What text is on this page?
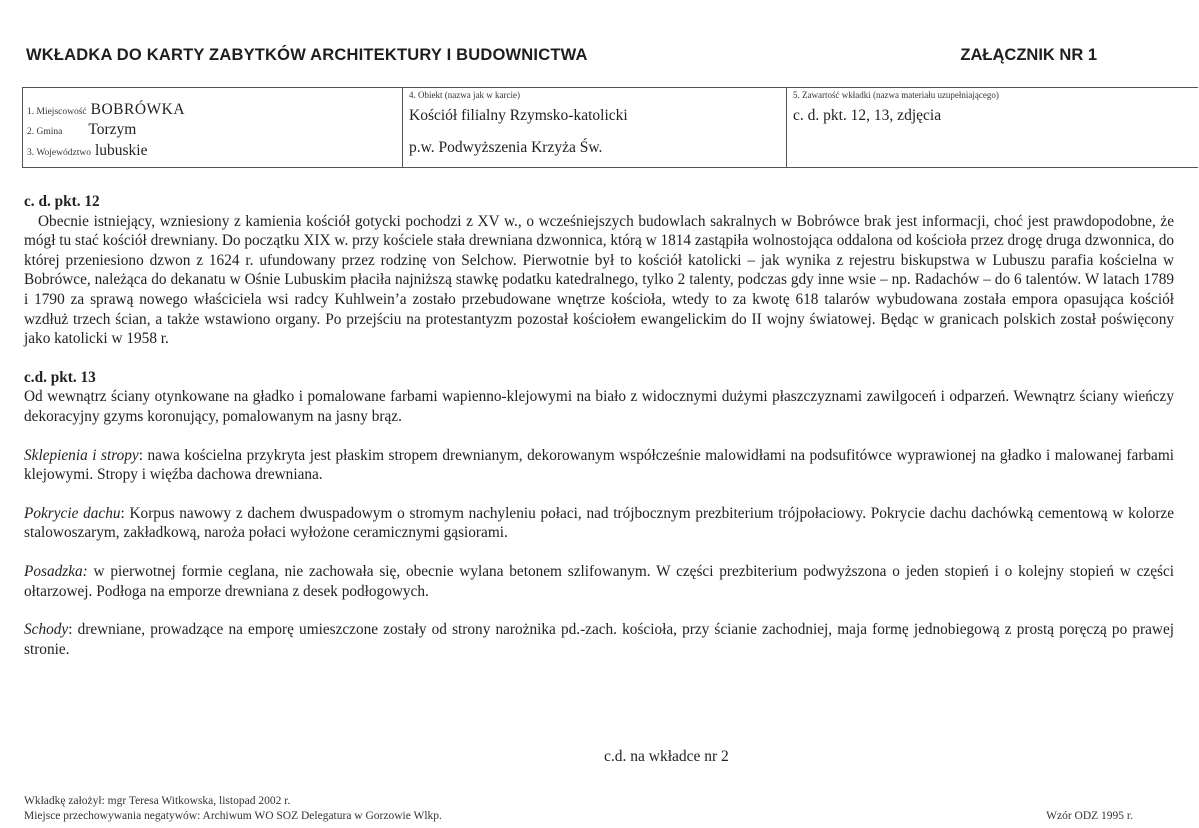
WKŁADKA DO KARTY ZABYTKÓW ARCHITEKTURY I BUDOWNICTWA	ZAŁĄCZNIK NR 1
1. Miejscowość BOBRÓWKA
2. Gmina Torzym
3. Województwo lubuskie
4. Obiekt (nazwa jak w karcie)
Kościół filialny Rzymsko-katolicki
p.w. Podwyższenia Krzyża Św.
5. Zawartość wkładki (nazwa materiału uzupełniającego)
c. d. pkt. 12, 13, zdjęcia

c. d. pkt. 12

Obecnie istniejący, wzniesiony z kamienia kościół gotycki pochodzi z XV w., o wcześniejszych budowlach sakralnych w Bobrówce brak jest informacji, choć jest prawdopodobne, że mógł tu stać kościół drewniany. Do początku XIX w. przy kościele stała drewniana dzwonnica, którą w 1814 zastąpiła wolnostojąca oddalona od kościoła przez drogę druga dzwonnica, do której przeniesiono dzwon z 1624 r. ufundowany przez rodzinę von Selchow. Pierwotnie był to kościół katolicki – jak wynika z rejestru biskupstwa w Lubuszu parafia kościelna w Bobrówce, należąca do dekanatu w Ośnie Lubuskim płaciła najniższą stawkę podatku katedralnego, tylko 2 talenty, podczas gdy inne wsie – np. Radachów – do 6 talentów. W latach 1789 i 1790 za sprawą nowego właściciela wsi radcy Kuhlwein’a zostało przebudowane wnętrze kościoła, wtedy to za kwotę 618 talarów wybudowana została empora opasująca kościół wzdłuż trzech ścian, a także wstawiono organy. Po przejściu na protestantyzm pozostał kościołem ewangelickim do II wojny światowej. Będąc w granicach polskich został poświęcony jako katolicki w 1958 r.

c.d. pkt. 13

Od wewnątrz ściany otynkowane na gładko i pomalowane farbami wapienno-klejowymi na biało z widocznymi dużymi płaszczyznami zawilgoceń i odparzeń. Wewnątrz ściany wieńczy dekoracyjny gzyms koronujący, pomalowanym na jasny brąz.

Sklepienia i stropy: nawa kościelna przykryta jest płaskim stropem drewnianym, dekorowanym współcześnie malowidłami na podsufitówce wyprawionej na gładko i malowanej farbami klejowymi. Stropy i więźba dachowa drewniana.

Pokrycie dachu: Korpus nawowy z dachem dwuspadowym o stromym nachyleniu połaci, nad trójbocznym prezbiterium trójpołaciowy. Pokrycie dachu dachówką cementową w kolorze stalowoszarym, zakładkową, naroża połaci wyłożone ceramicznymi gąsiorami.

Posadzka: w pierwotnej formie ceglana, nie zachowała się, obecnie wylana betonem szlifowanym. W części prezbiterium podwyższona o jeden stopień i o kolejny stopień w części ołtarzowej. Podłoga na emporze drewniana z desek podłogowych.

Schody: drewniane, prowadzące na emporę umieszczone zostały od strony narożnika pd.-zach. kościoła, przy ścianie zachodniej, maja formę jednobiegową z prostą poręczą po prawej stronie.

c.d. na wkładce nr 2
Wkładkę założył: mgr Teresa Witkowska, listopad 2002 r.
Miejsce przechowywania negatywów: Archiwum WO SOZ Delegatura w Gorzowie Wlkp.	Wzór ODZ 1995 r.
